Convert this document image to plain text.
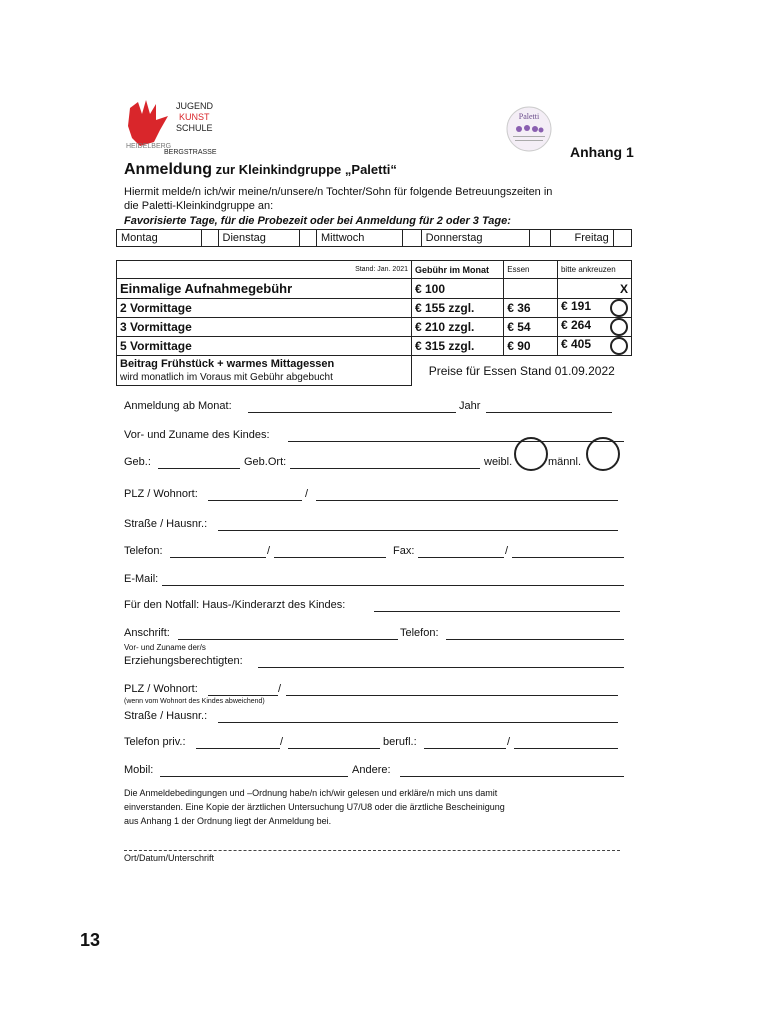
JUGEND
KUNST
SCHULE
HEIDELBERG
BERGSTRASSE
Paletti
Anhang 1
Anmeldung zur Kleinkindgruppe „Paletti“
Hiermit melde/n ich/wir meine/n/unsere/n Tochter/Sohn für folgende Betreuungszeiten in
die Paletti-Kleinkindgruppe an:
Favorisierte Tage, für die Probezeit oder bei Anmeldung für 2 oder 3 Tage:
Montag		Dienstag		Mittwoch		Donnerstag		Freitag	
Stand: Jan. 2021	Gebühr im Monat	Essen	bitte ankreuzen
Einmalige Aufnahmegebühr	€ 100		X
2 Vormittage	€ 155 zzgl.	€ 36	€ 191

3 Vormittage	€ 210 zzgl.	€ 54	€ 264

5 Vormittage	€ 315 zzgl.	€ 90	€ 405

Beitrag Frühstück + warmes Mittagessen
wird monatlich im Voraus mit Gebühr abgebucht	Preise für Essen Stand 01.09.2022		
Anmeldung ab Monat:	Jahr
Vor- und Zuname des Kindes:
Geb.:	Geb.Ort:	weibl.	männl.
PLZ / Wohnort:	/
Straße / Hausnr.:
Telefon:	/	Fax:	/
E-Mail:
Für den Notfall: Haus-/Kinderarzt des Kindes:
Anschrift:	Telefon:
Vor- und Zuname der/s
Erziehungsberechtigten:
PLZ / Wohnort:	/
(wenn vom Wohnort des Kindes abweichend)
Straße / Hausnr.:
Telefon priv.:	/	berufl.:	/
Mobil:	Andere:
Die Anmeldebedingungen und –Ordnung habe/n ich/wir gelesen und erkläre/n mich uns damit
einverstanden. Eine Kopie der ärztlichen Untersuchung U7/U8 oder die ärztliche Bescheinigung
aus Anhang 1 der Ordnung liegt der Anmeldung bei.
Ort/Datum/Unterschrift
13
